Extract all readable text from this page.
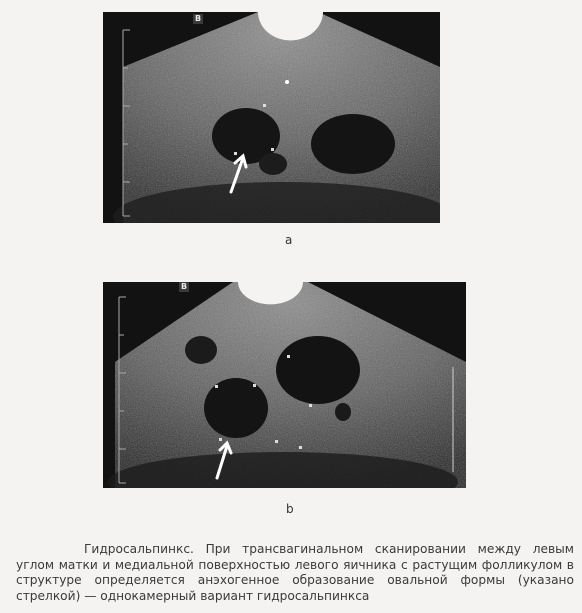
B
a
B
b

Гидросальпинкс. При трансвагинальном сканировании между левым углом матки и медиальной поверхностью левого яичника с растущим фолликулом в структуре определяется анэхогенное образование овальной формы (указано стрелкой) — однокамерный вариант гидросальпинкса
